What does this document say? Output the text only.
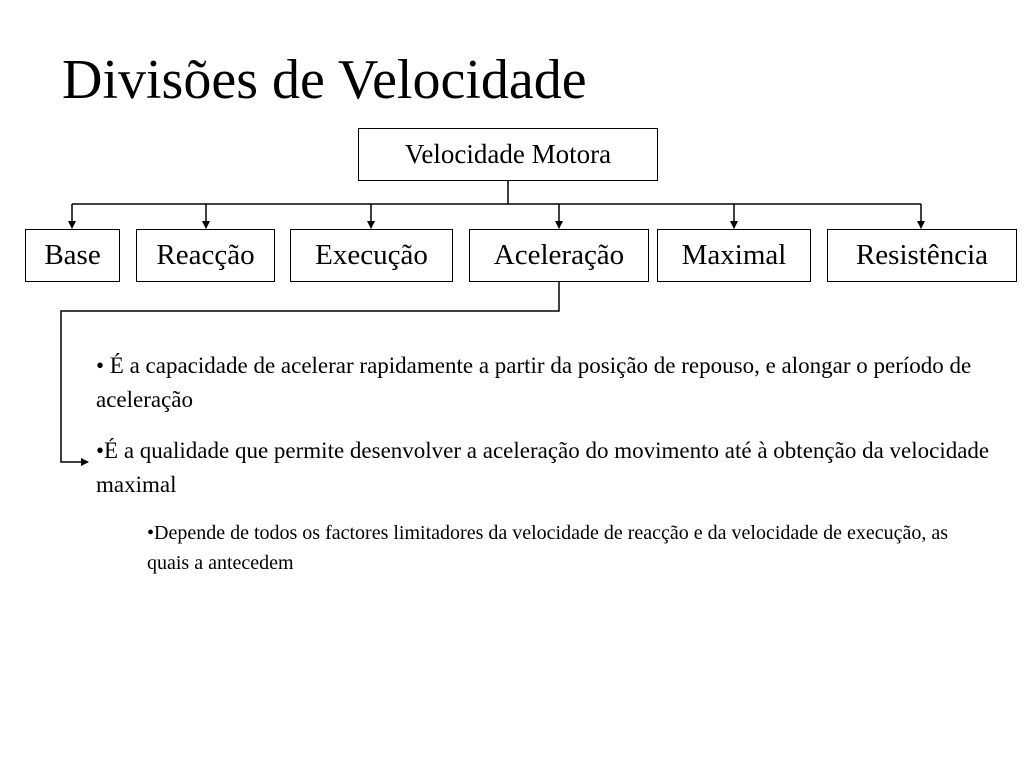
Divisões de Velocidade
Velocidade Motora
Base	Reacção	Execução	Aceleração	Maximal	Resistência
• É a capacidade de acelerar rapidamente a partir da posição de repouso, e alongar o período de aceleração
•É a qualidade que permite desenvolver a aceleração do movimento até à obtenção da velocidade maximal
•Depende de todos os factores limitadores da velocidade de reacção e da velocidade de execução, as quais a antecedem
